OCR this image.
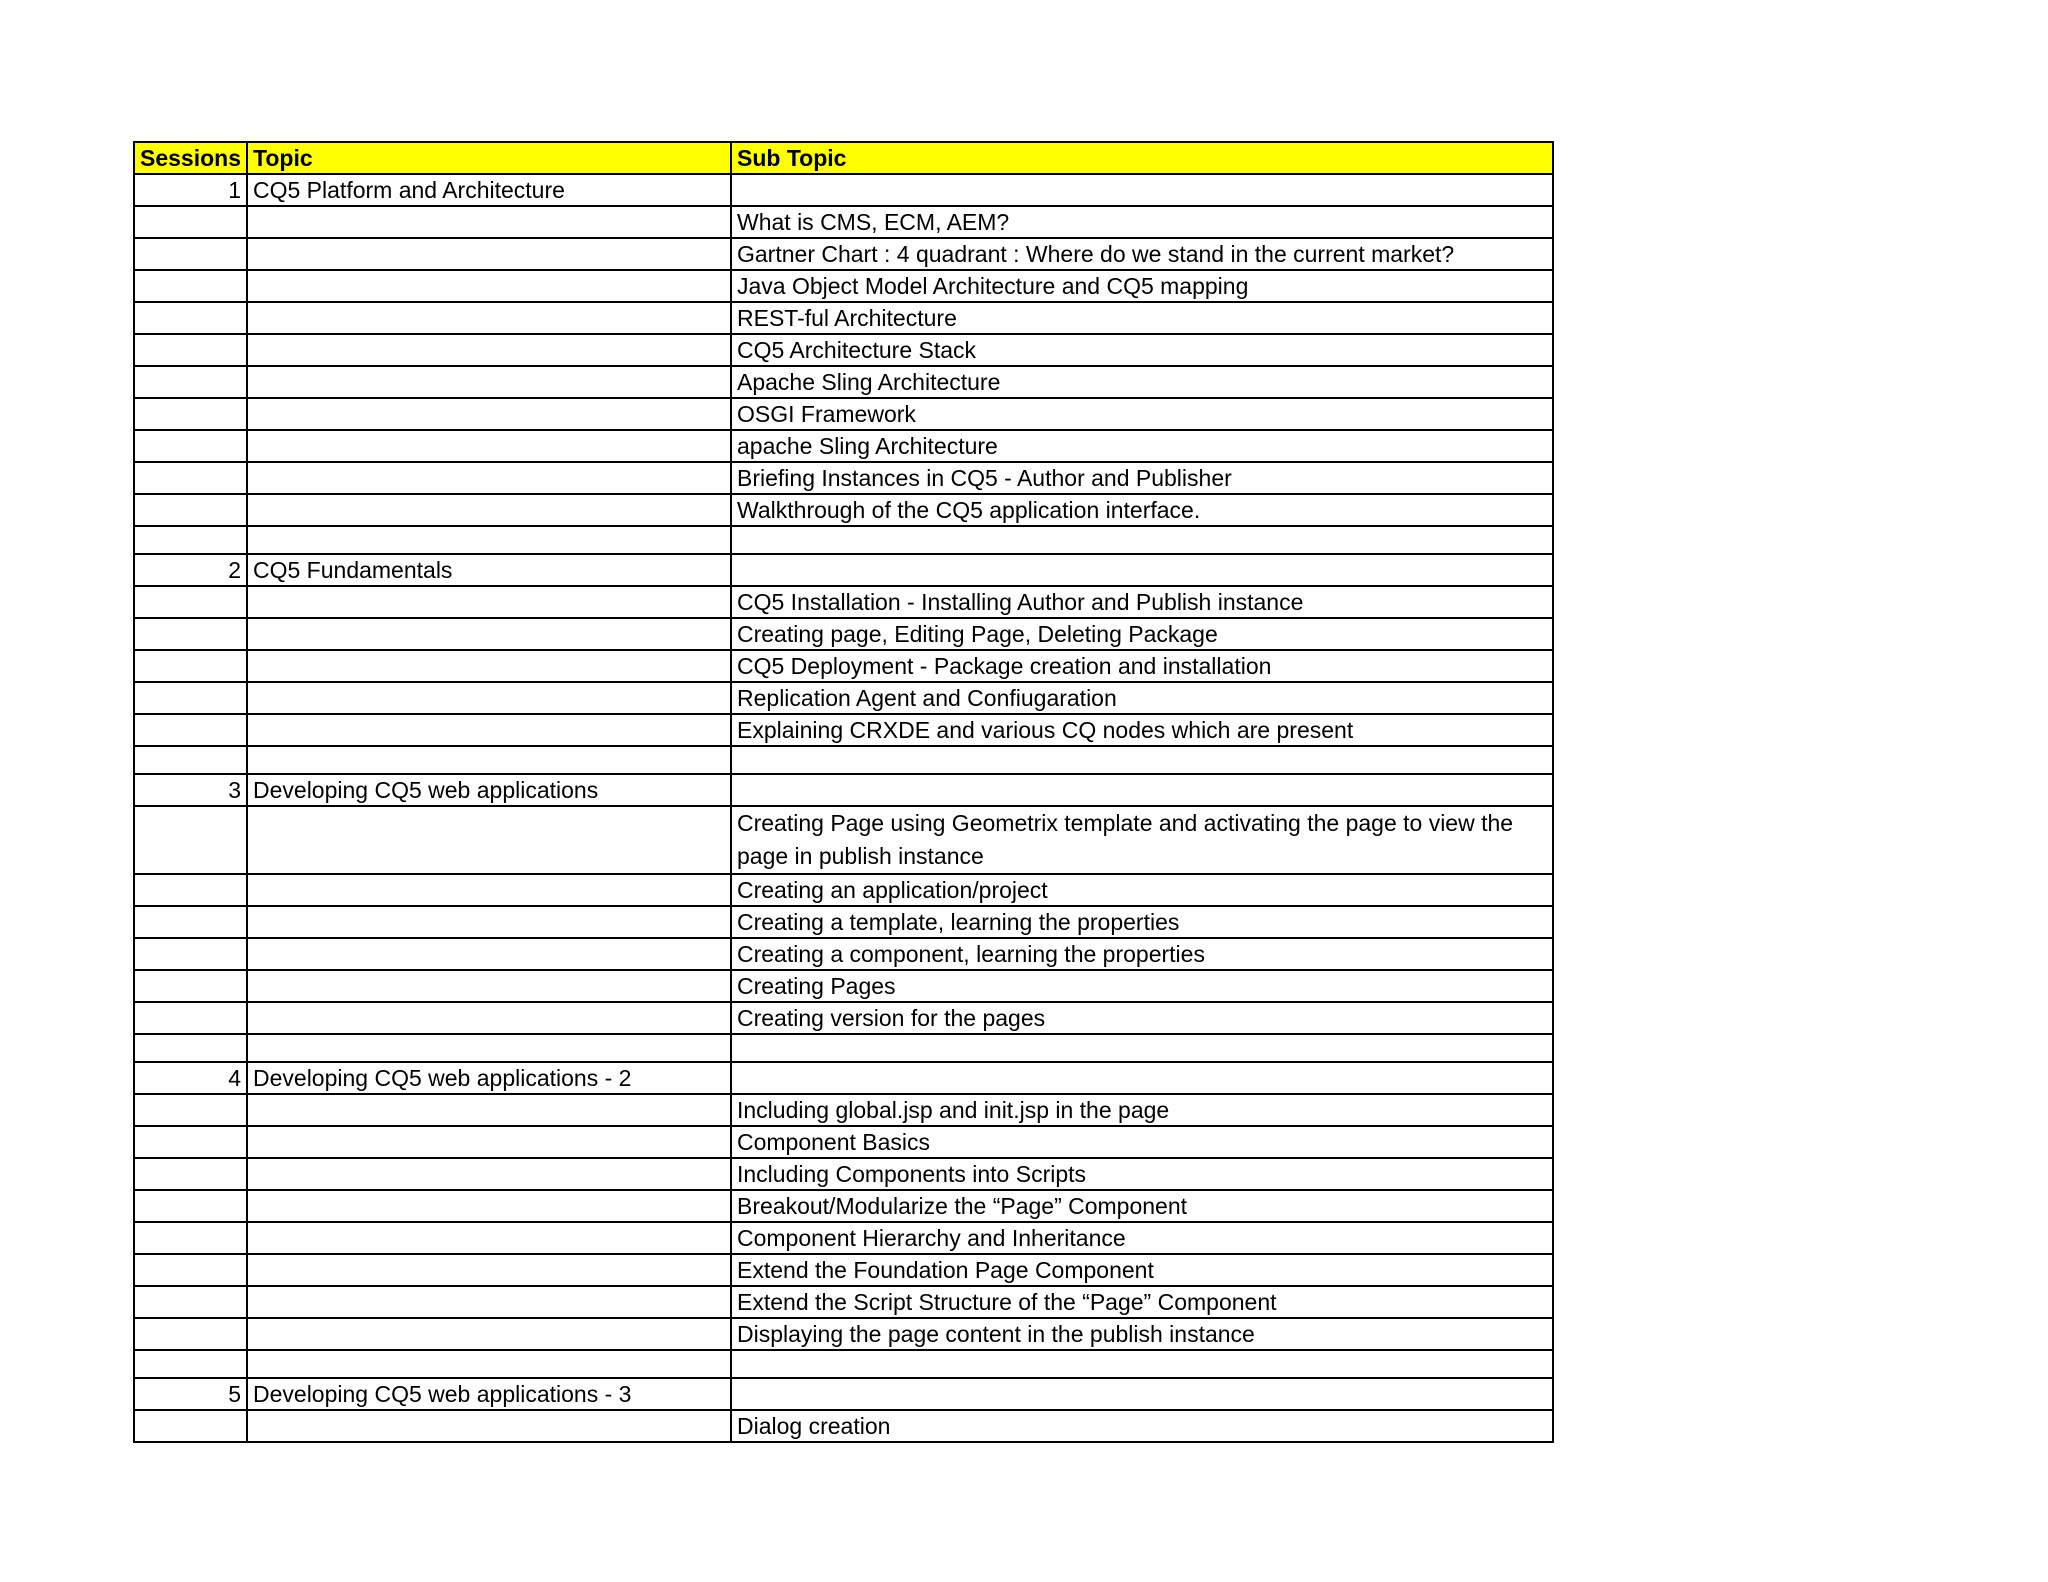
Sessions	Topic	Sub Topic
1	CQ5 Platform and Architecture	
		What is CMS, ECM, AEM?
		Gartner Chart : 4 quadrant : Where do we stand in the current market?
		Java Object Model Architecture and CQ5 mapping
		REST-ful Architecture
		CQ5 Architecture Stack
		Apache Sling Architecture
		OSGI Framework
		apache Sling Architecture
		Briefing Instances in CQ5 - Author and Publisher
		Walkthrough of the CQ5 application interface.

2	CQ5 Fundamentals	
		CQ5 Installation - Installing Author and Publish instance
		Creating page, Editing Page, Deleting Package
		CQ5 Deployment - Package creation and installation
		Replication Agent and Confiugaration
		Explaining CRXDE and various CQ nodes which are present

3	Developing CQ5 web applications	
		Creating Page using Geometrix template and activating the page to view the page in publish instance
		Creating an application/project
		Creating a template, learning the properties
		Creating a component, learning the properties
		Creating Pages
		Creating version for the pages

4	Developing CQ5 web applications - 2	
		Including global.jsp and init.jsp in the page
		Component Basics
		Including Components into Scripts
		Breakout/Modularize the “Page” Component
		Component Hierarchy and Inheritance
		Extend the Foundation Page Component
		Extend the Script Structure of the “Page” Component
		Displaying the page content in the publish instance

5	Developing CQ5 web applications - 3	
		Dialog creation
